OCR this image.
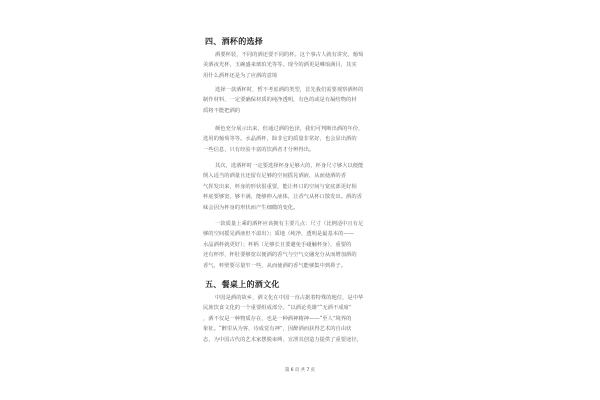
四、酒杯的选择
酒要杯装，不同的酒还要不同的杯。这个事古人就有讲究，葡萄
美酒夜光杯，玉碗盛来琥珀光等等。现今的酒更是琳琅满目，其实
用什么酒杯还是为了应酒的意境
选择一款酒杯时，暂不考虑酒的类型，首先我们需要观察酒杯的
制作材料，一定要确保材质的纯净透明，有色的或是有凝结物的材
质将不能把酒的
颜色充分展示出来，但通过酒的色泽，我们可判断出酒的年份、
选用的葡萄等等。水晶酒杯，除非它的质量非常好，也会显出酒的
一些信息，只有经验丰富的饮酒者才分辨得出。
其次，选酒杯时一定要选择杯身足够大的，杯身尺寸够大以便能
倒入适当的酒量且还留有足够的空间摇晃酒液，从而使酒的香
气挥发出来，杯身的形状很重要，能让杯口的空间与宽底部更好相
杯底要够宽，够丰满，能够伸入液体，让香气从杯口散发出。酒的香
味会因为杯身的形状而产生细微的变化。
一款质量上乘的酒杯应该拥有主要几点：尺寸（比例适中且有足
够的空间摇晃酒液但不溢出）；质地（纯净，透明是最基本的——
水晶酒杯就更好）；杯柄（足够长且要避免手碰触杯身），重要的
还有杯形，杯肚要够宽以便酒的香气与空气交融充分从而增加酒的
香气，杯壁要尽量窄一些，从而使酒的香气能够集中到鼻子。
五、餐桌上的酒文化
中国是酒的故乡，酒文化在中国一直占据着特殊的地位，是中华
民族饮食文化的一个重要组成部分。“以酒论英雄”“无酒不成席”
，酒不仅是一种物质存在，也是一种酒神精神——“至人”境界的
象征。“醉里从为客，诗成觉有神”，因醉酒而获得艺术的自由状
态，为中国古代的艺术家摆脱束缚，宣泄其创造力提供了重要途径，
第 6 页 共 7 页
